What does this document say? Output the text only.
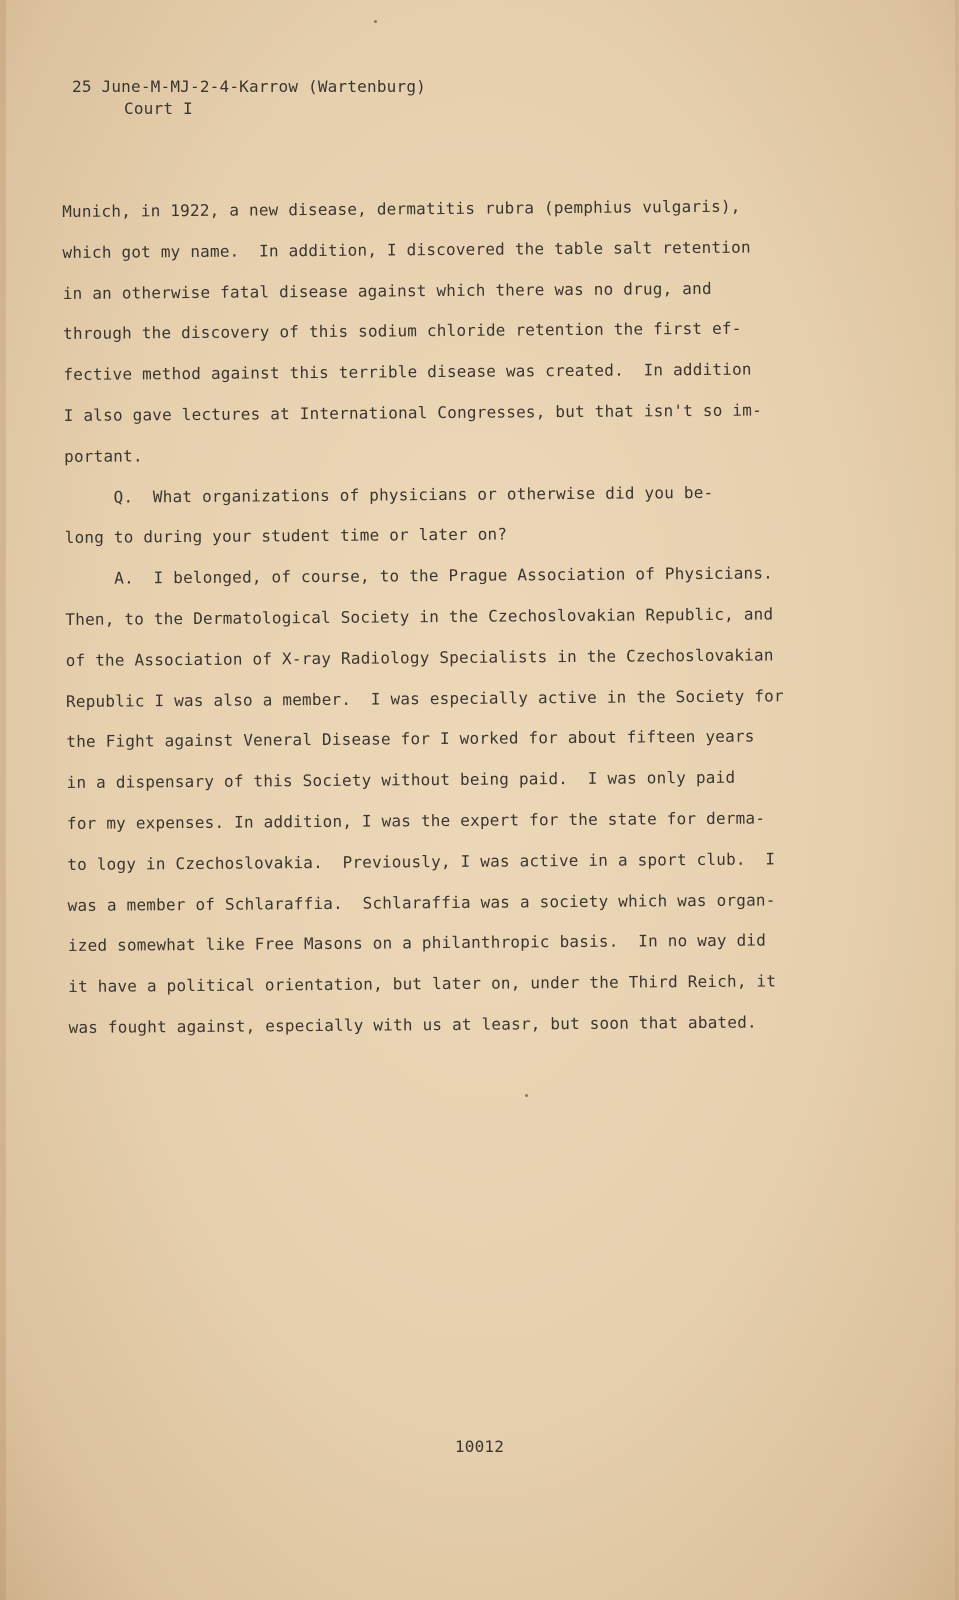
25 June-M-MJ-2-4-Karrow (Wartenburg)
Court I
Munich, in 1922, a new disease, dermatitis rubra (pemphius vulgaris),
which got my name.  In addition, I discovered the table salt retention
in an otherwise fatal disease against which there was no drug, and
through the discovery of this sodium chloride retention the first ef-
fective method against this terrible disease was created.  In addition
I also gave lectures at International Congresses, but that isn't so im-
portant.
Q.  What organizations of physicians or otherwise did you be-
long to during your student time or later on?
A.  I belonged, of course, to the Prague Association of Physicians.
Then, to the Dermatological Society in the Czechoslovakian Republic, and
of the Association of X-ray Radiology Specialists in the Czechoslovakian
Republic I was also a member.  I was especially active in the Society for
the Fight against Veneral Disease for I worked for about fifteen years
in a dispensary of this Society without being paid.  I was only paid
for my expenses. In addition, I was the expert for the state for derma-
to logy in Czechoslovakia.  Previously, I was active in a sport club.  I
was a member of Schlaraffia.  Schlaraffia was a society which was organ-
ized somewhat like Free Masons on a philanthropic basis.  In no way did
it have a political orientation, but later on, under the Third Reich, it
was fought against, especially with us at leasr, but soon that abated.
10012
